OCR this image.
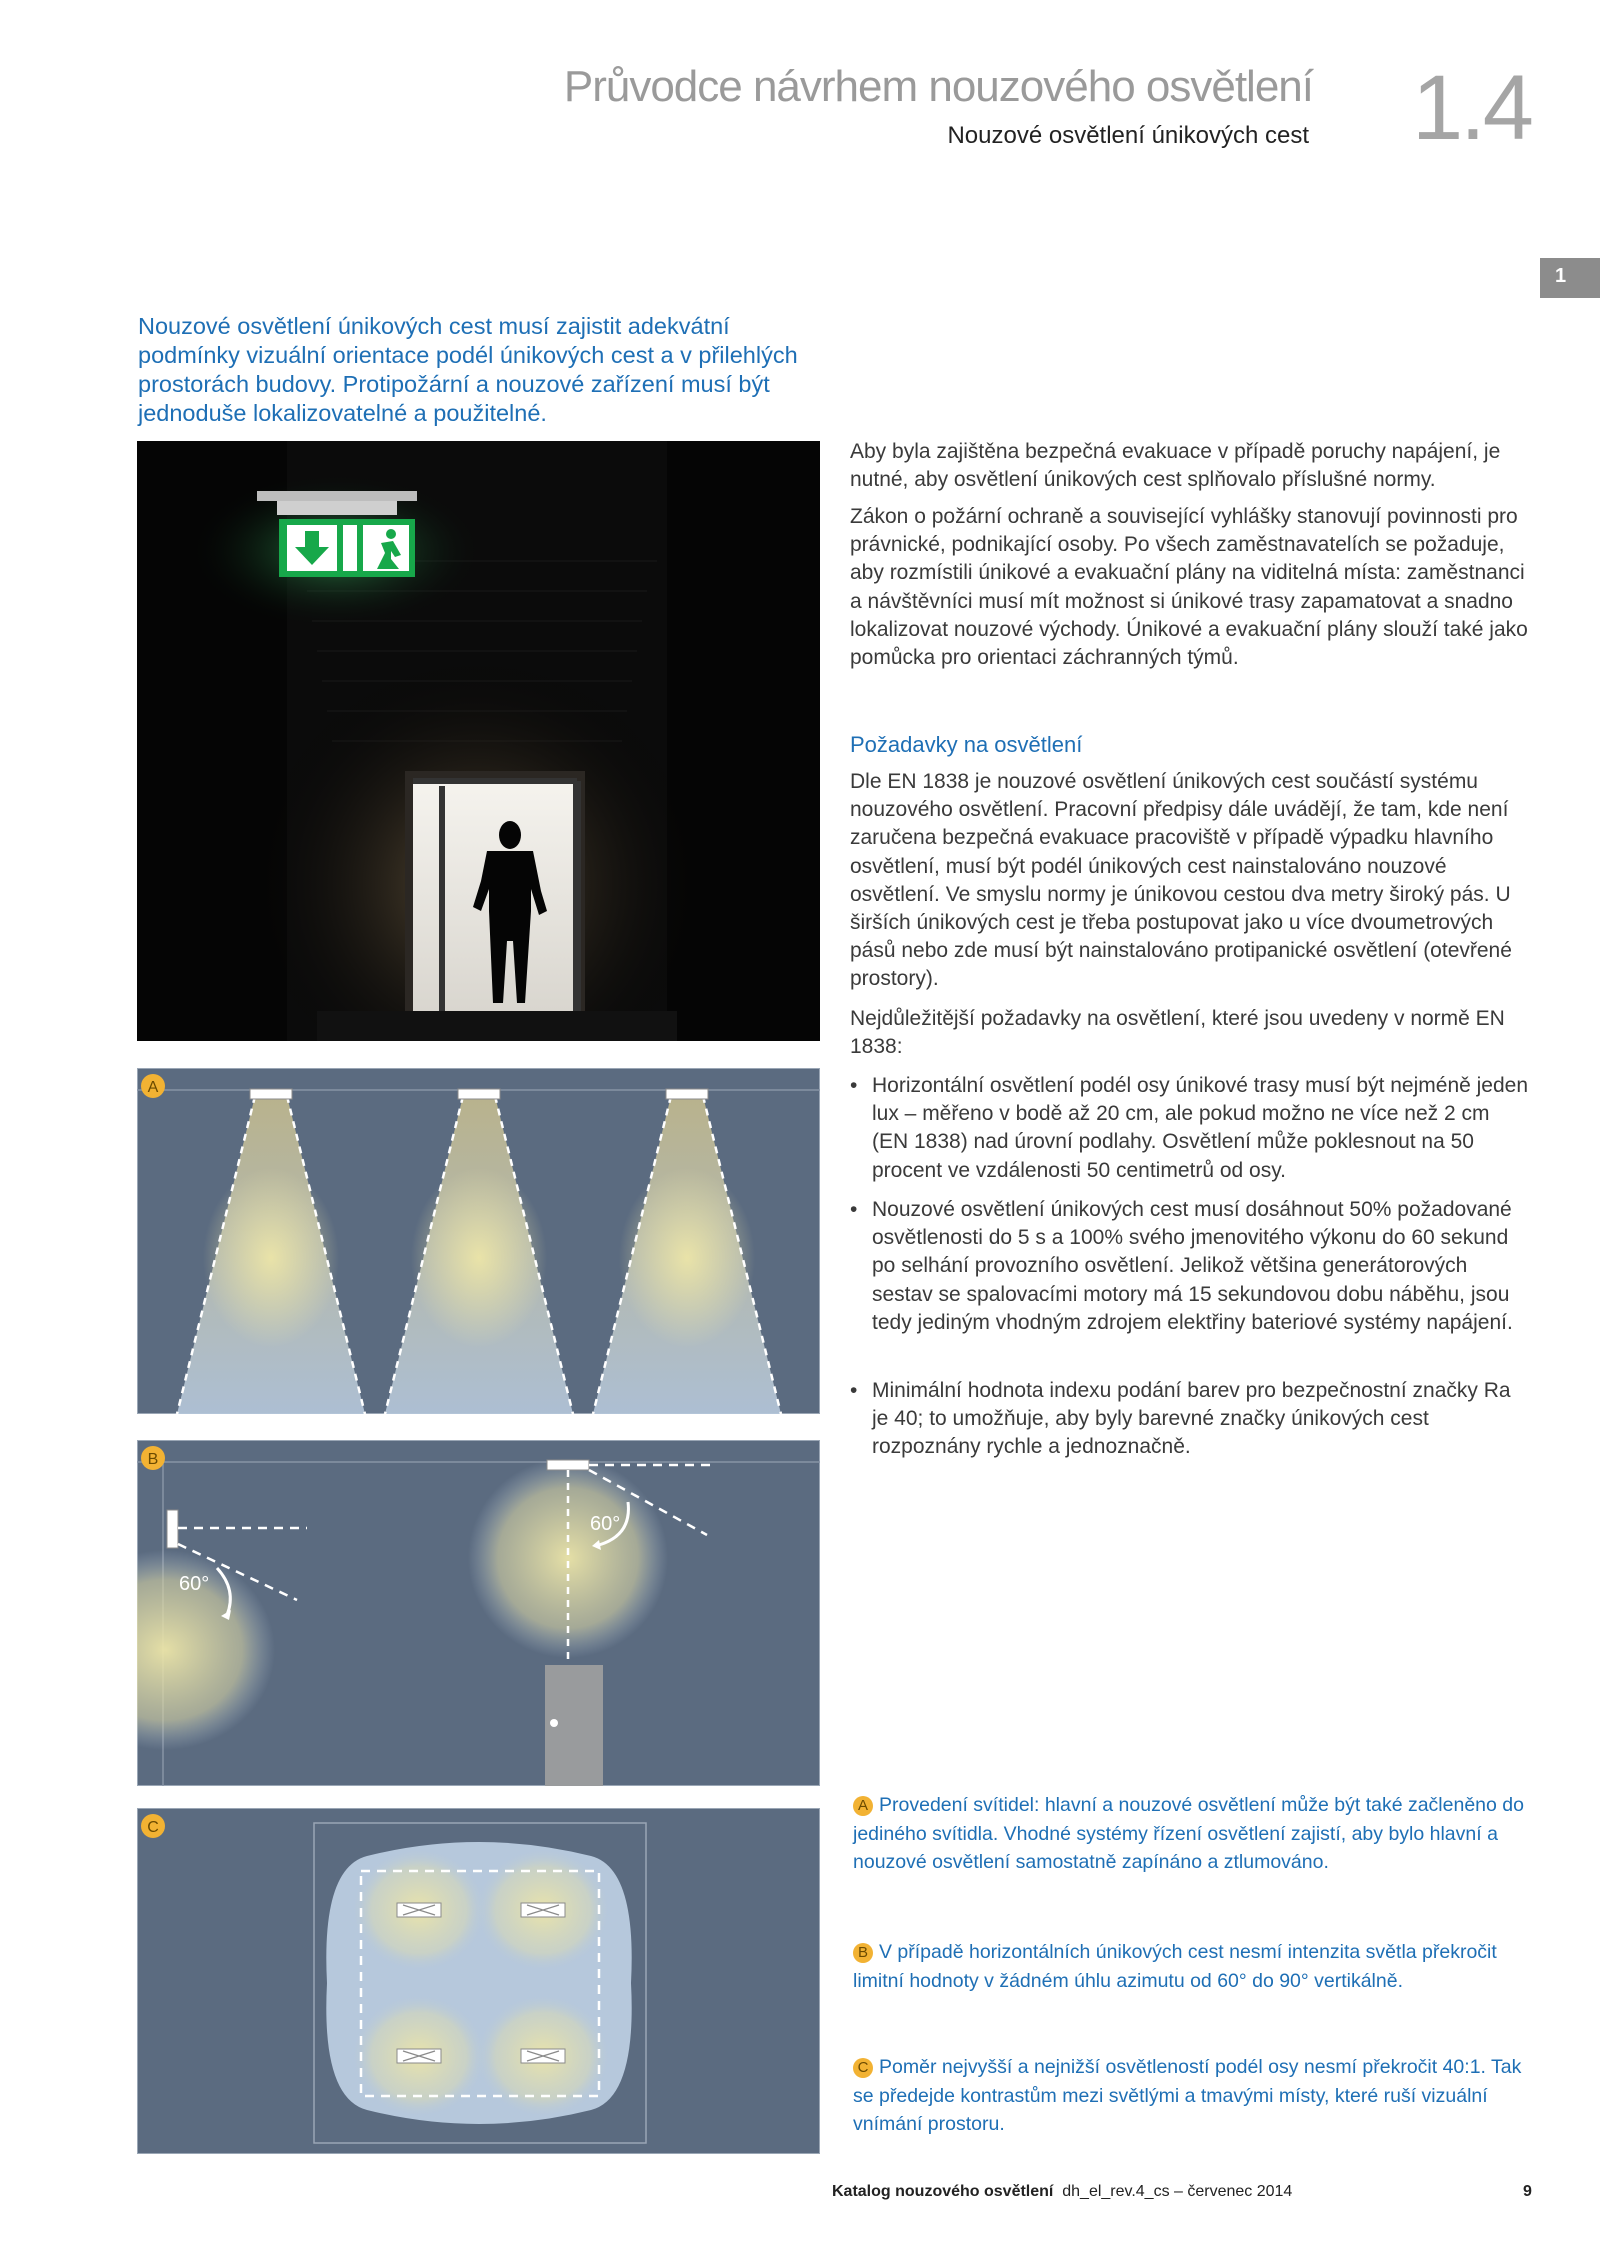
Průvodce návrhem nouzového osvětlení
Nouzové osvětlení únikových cest 1.4
1
Nouzové osvětlení únikových cest musí zajistit adekvátní podmínky vizuální orientace podél únikových cest a v přilehlých prostorách budovy. Protipožární a nouzové zařízení musí být jednoduše lokalizovatelné a použitelné.
A
60°
60°
B
C

Aby byla zajištěna bezpečná evakuace v případě poruchy napájení, je nutné, aby osvětlení únikových cest splňovalo příslušné normy.

Zákon o požární ochraně a související vyhlášky stanovují povinnosti pro právnické, podnikající osoby. Po všech zaměstnavatelích se požaduje, aby rozmístili únikové a evakuační plány na viditelná místa: zaměstnanci a návštěvníci musí mít možnost si únikové trasy zapamatovat a snadno lokalizovat nouzové východy. Únikové a evakuační plány slouží také jako pomůcka pro orientaci záchranných týmů.

Požadavky na osvětlení

Dle EN 1838 je nouzové osvětlení únikových cest součástí systému nouzového osvětlení. Pracovní předpisy dále uvádějí, že tam, kde není zaručena bezpečná evakuace pracoviště v případě výpadku hlavního osvětlení, musí být podél únikových cest nainstalováno nouzové osvětlení. Ve smyslu normy je únikovou cestou dva metry široký pás. U širších únikových cest je třeba postupovat jako u více dvoumetrových pásů nebo zde musí být nainstalováno protipanické osvětlení (otevřené prostory).

Nejdůležitější požadavky na osvětlení, které jsou uvedeny v normě EN 1838:

• Horizontální osvětlení podél osy únikové trasy musí být nejméně jeden lux – měřeno v bodě až 20 cm, ale pokud možno ne více než 2 cm (EN 1838) nad úrovní podlahy. Osvětlení může poklesnout na 50 procent ve vzdálenosti 50 centimetrů od osy.
• Nouzové osvětlení únikových cest musí dosáhnout 50% požadované osvětlenosti do 5 s a 100% svého jmenovitého výkonu do 60 sekund po selhání provozního osvětlení. Jelikož většina generátorových sestav se spalovacími motory má 15 sekundovou dobu náběhu, jsou tedy jediným vhodným zdrojem elektřiny bateriové systémy napájení.
• Minimální hodnota indexu podání barev pro bezpečnostní značky Ra je 40; to umožňuje, aby byly barevné značky únikových cest rozpoznány rychle a jednoznačně.
A Provedení svítidel: hlavní a nouzové osvětlení může být také začleněno do jediného svítidla. Vhodné systémy řízení osvětlení zajistí, aby bylo hlavní a nouzové osvětlení samostatně zapínáno a ztlumováno.
B V případě horizontálních únikových cest nesmí intenzita světla překročit limitní hodnoty v žádném úhlu azimutu od 60° do 90° vertikálně.
C Poměr nejvyšší a nejnižší osvětleností podél osy nesmí překročit 40:1. Tak se předejde kontrastům mezi světlými a tmavými místy, které ruší vizuální vnímání prostoru.
Katalog nouzového osvětlení dh_el_rev.4_cs – červenec 2014	9
